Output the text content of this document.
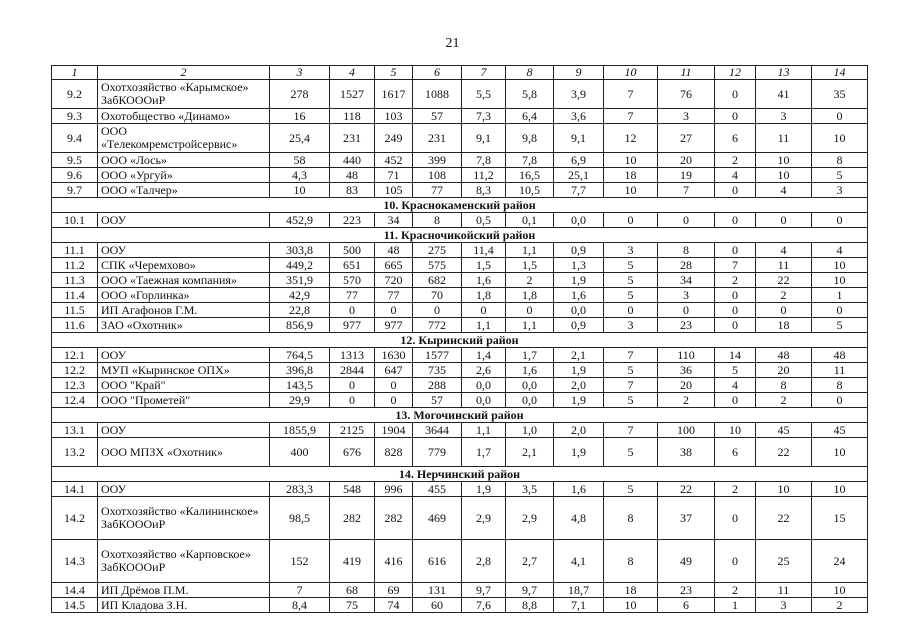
21
1	2	3	4	5	6	7	8	9	10	11	12	13	14
9.2	Охотхозяйство «Карымское» ЗабКОООиР	278	1527	1617	1088	5,5	5,8	3,9	7	76	0	41	35
9.3	Охотобщество «Динамо»	16	118	103	57	7,3	6,4	3,6	7	3	0	3	0
9.4	ООО «Телекомремстройсервис»	25,4	231	249	231	9,1	9,8	9,1	12	27	6	11	10
9.5	ООО «Лось»	58	440	452	399	7,8	7,8	6,9	10	20	2	10	8
9.6	ООО «Ургуй»	4,3	48	71	108	11,2	16,5	25,1	18	19	4	10	5
9.7	ООО «Талчер»	10	83	105	77	8,3	10,5	7,7	10	7	0	4	3
10. Краснокаменский район													
10.1	ООУ	452,9	223	34	8	0,5	0,1	0,0	0	0	0	0	0
11. Красночикойский район													
11.1	ООУ	303,8	500	48	275	11,4	1,1	0,9	3	8	0	4	4
11.2	СПК «Черемхово»	449,2	651	665	575	1,5	1,5	1,3	5	28	7	11	10
11.3	ООО «Таежная компания»	351,9	570	720	682	1,6	2	1,9	5	34	2	22	10
11.4	ООО «Горлинка»	42,9	77	77	70	1,8	1,8	1,6	5	3	0	2	1
11.5	ИП Агафонов Г.М.	22,8	0	0	0	0	0	0,0	0	0	0	0	0
11.6	ЗАО «Охотник»	856,9	977	977	772	1,1	1,1	0,9	3	23	0	18	5
12. Кыринский район													
12.1	ООУ	764,5	1313	1630	1577	1,4	1,7	2,1	7	110	14	48	48
12.2	МУП «Кыринское ОПХ»	396,8	2844	647	735	2,6	1,6	1,9	5	36	5	20	11
12.3	ООО "Край"	143,5	0	0	288	0,0	0,0	2,0	7	20	4	8	8
12.4	ООО "Прометей"	29,9	0	0	57	0,0	0,0	1,9	5	2	0	2	0
13. Могочинский район													
13.1	ООУ	1855,9	2125	1904	3644	1,1	1,0	2,0	7	100	10	45	45
13.2	ООО МПЗХ «Охотник»	400	676	828	779	1,7	2,1	1,9	5	38	6	22	10
14. Нерчинский район													
14.1	ООУ	283,3	548	996	455	1,9	3,5	1,6	5	22	2	10	10
14.2	Охотхозяйство «Калининское» ЗабКОООиР	98,5	282	282	469	2,9	2,9	4,8	8	37	0	22	15
14.3	Охотхозяйство «Карповское» ЗабКОООиР	152	419	416	616	2,8	2,7	4,1	8	49	0	25	24
14.4	ИП Дрёмов П.М.	7	68	69	131	9,7	9,7	18,7	18	23	2	11	10
14.5	ИП Кладова З.Н.	8,4	75	74	60	7,6	8,8	7,1	10	6	1	3	2
